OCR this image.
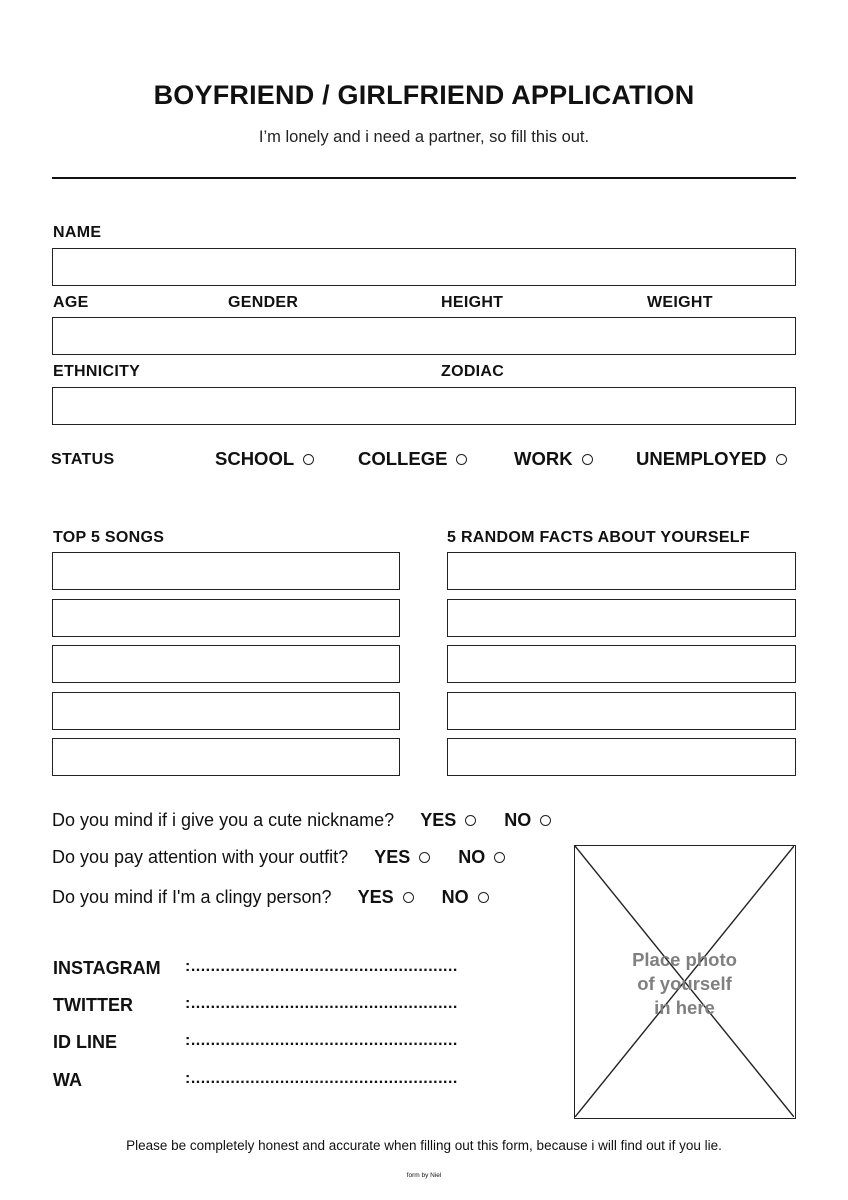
BOYFRIEND / GIRLFRIEND APPLICATION
I’m lonely and i need a partner, so fill this out.
NAME
AGE	GENDER	HEIGHT	WEIGHT
ETHNICITY	ZODIAC
STATUS	SCHOOL	COLLEGE	WORK	UNEMPLOYED
TOP 5 SONGS	5 RANDOM FACTS ABOUT YOURSELF
Do you mind if i give you a cute nickname? YES	NO
Do you pay attention with your outfit? YES	NO
Do you mind if I'm a clingy person? YES	NO
INSTAGRAM :......................................................
TWITTER	:......................................................
ID LINE	:......................................................
WA	:......................................................
Place photo
of yourself
in here
Please be completely honest and accurate when filling out this form, because i will find out if you lie.
form by Niel
